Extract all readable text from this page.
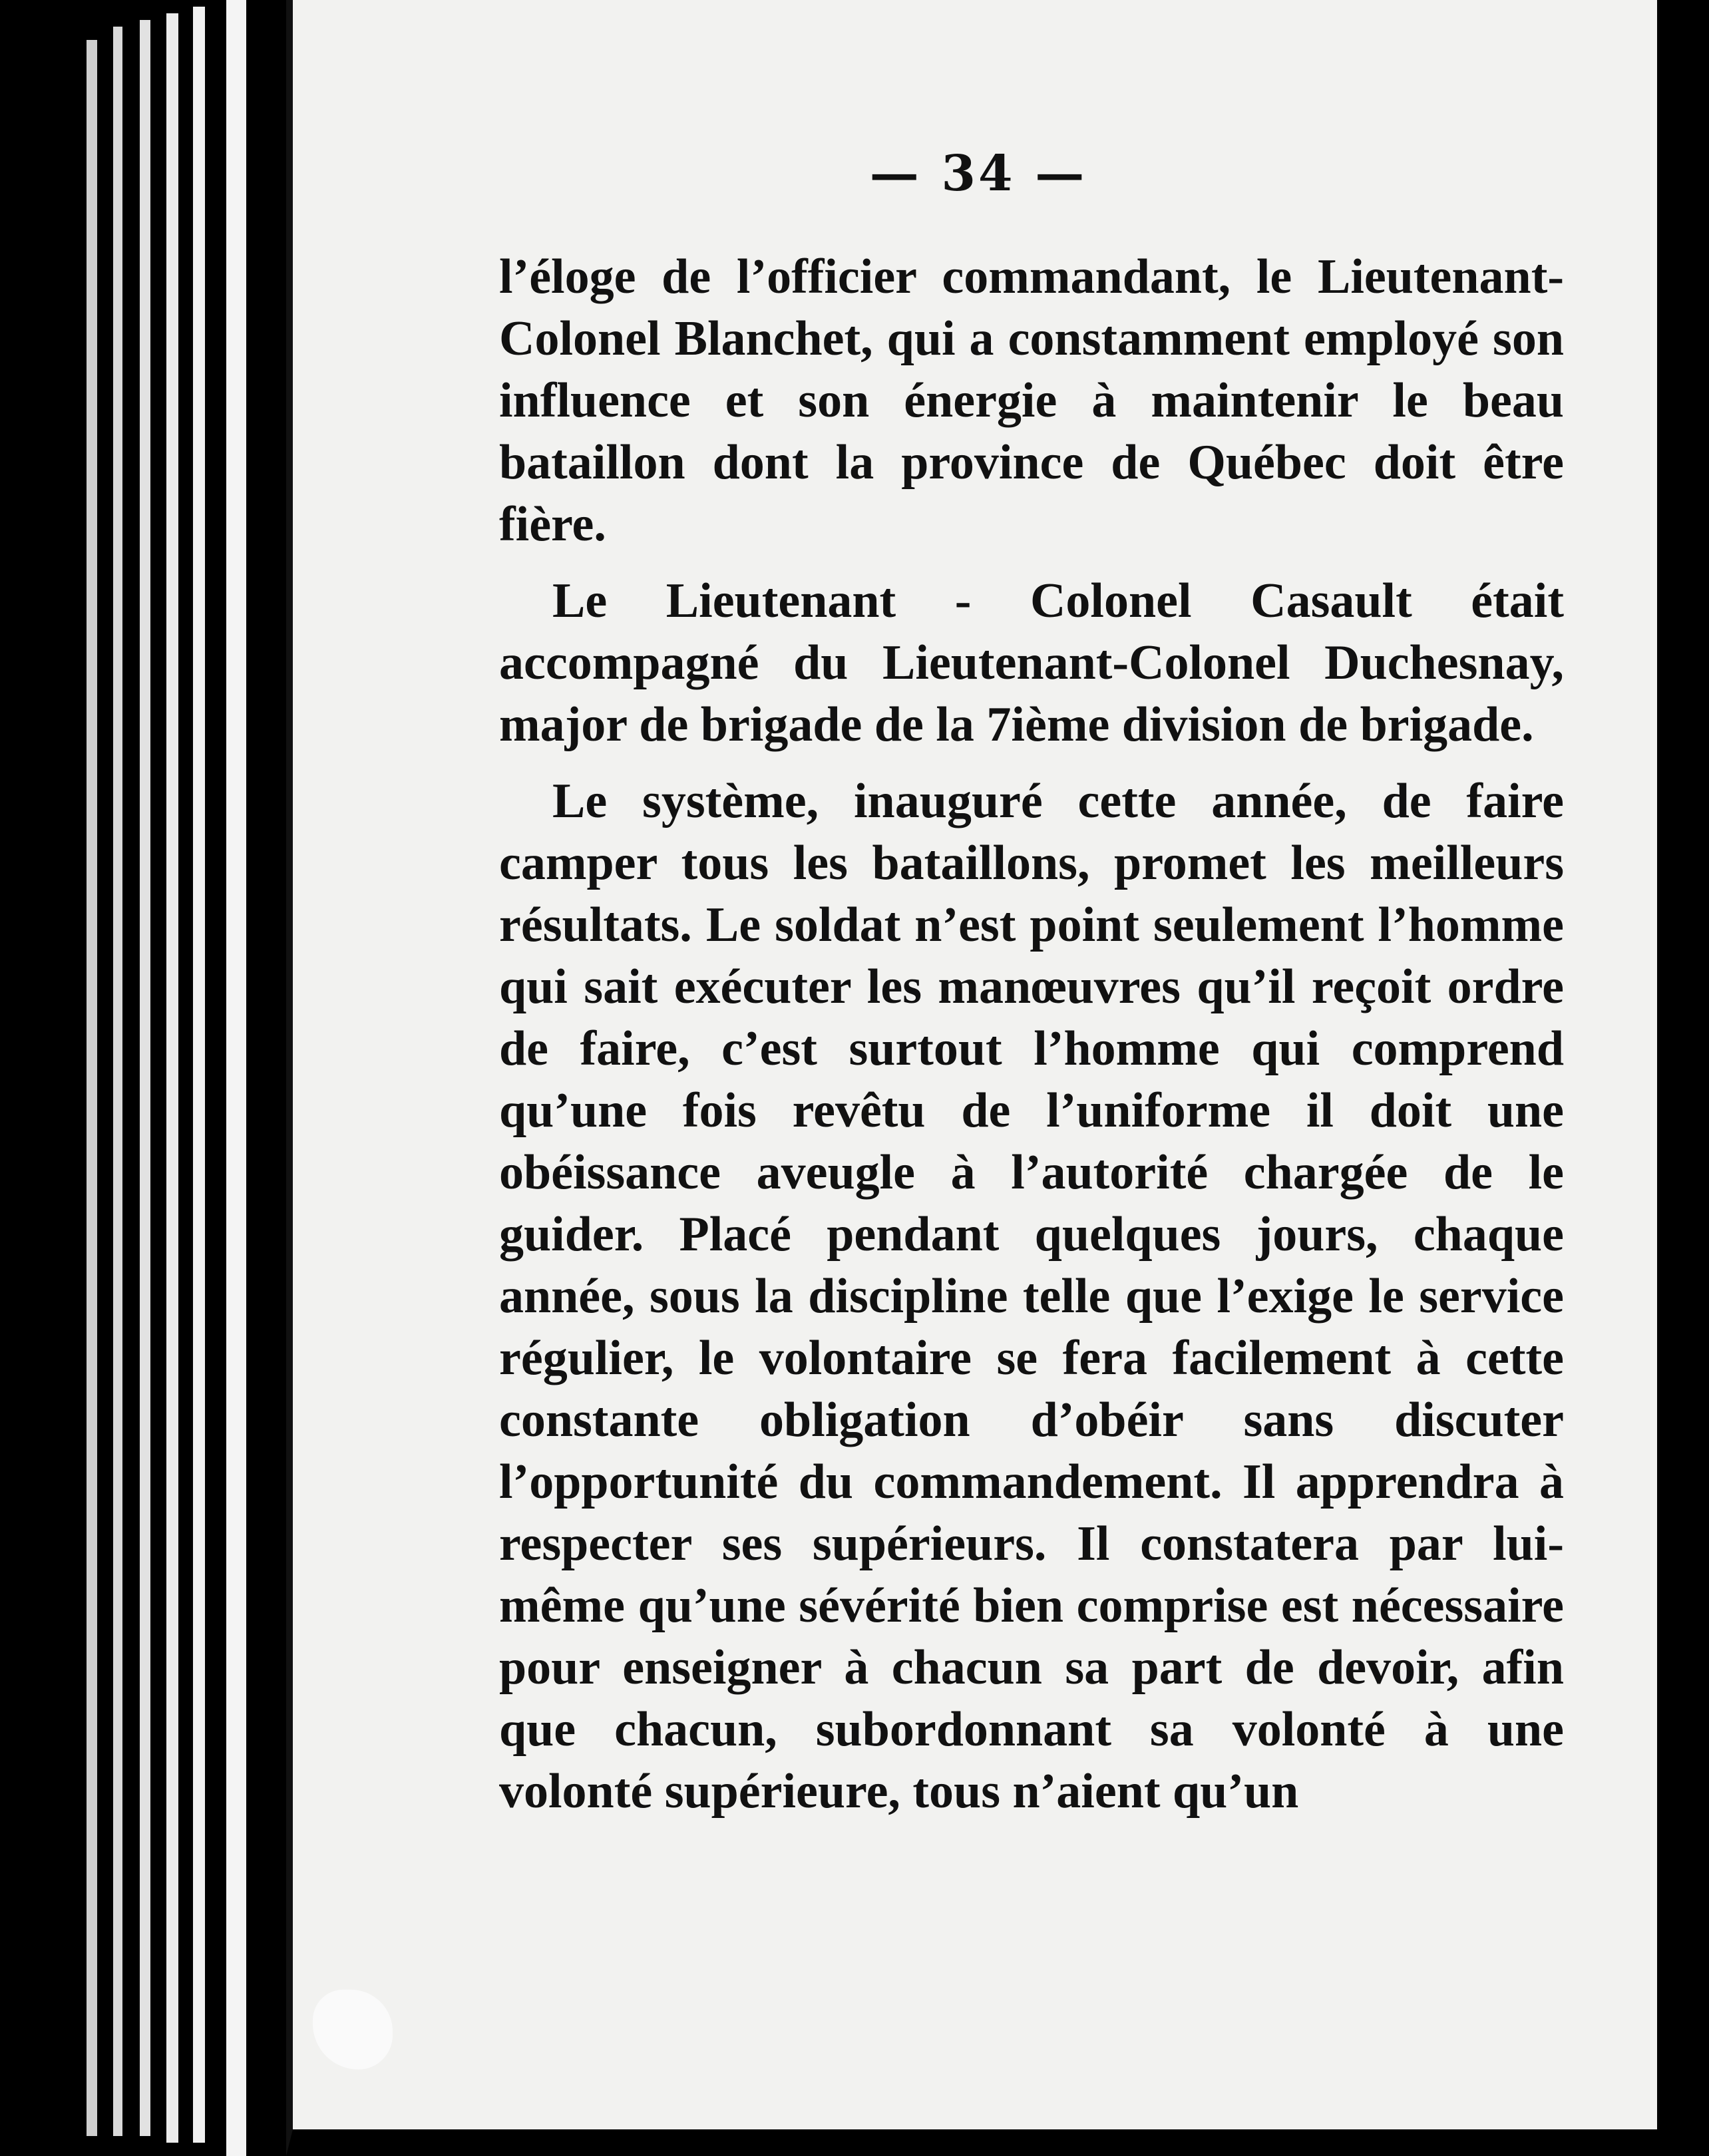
— 34 —

l’éloge de l’officier commandant, le Lieutenant-Colonel Blanchet, qui a constamment employé son influence et son énergie à maintenir le beau bataillon dont la province de Québec doit être fière.

Le Lieutenant - Colonel Casault était accompagné du Lieutenant-Colonel Duchesnay, major de brigade de la 7ième division de brigade.

Le système, inauguré cette année, de faire camper tous les bataillons, promet les meilleurs résultats. Le soldat n’est point seulement l’homme qui sait exécuter les manœuvres qu’il reçoit ordre de faire, c’est surtout l’homme qui comprend qu’une fois revêtu de l’uniforme il doit une obéissance aveugle à l’autorité chargée de le guider. Placé pendant quelques jours, chaque année, sous la discipline telle que l’exige le service régulier, le volontaire se fera facilement à cette constante obligation d’obéir sans discuter l’opportunité du commandement. Il apprendra à respecter ses supérieurs. Il constatera par lui-même qu’une sévérité bien comprise est nécessaire pour enseigner à chacun sa part de devoir, afin que chacun, subordonnant sa volonté à une volonté supérieure, tous n’aient qu’un
